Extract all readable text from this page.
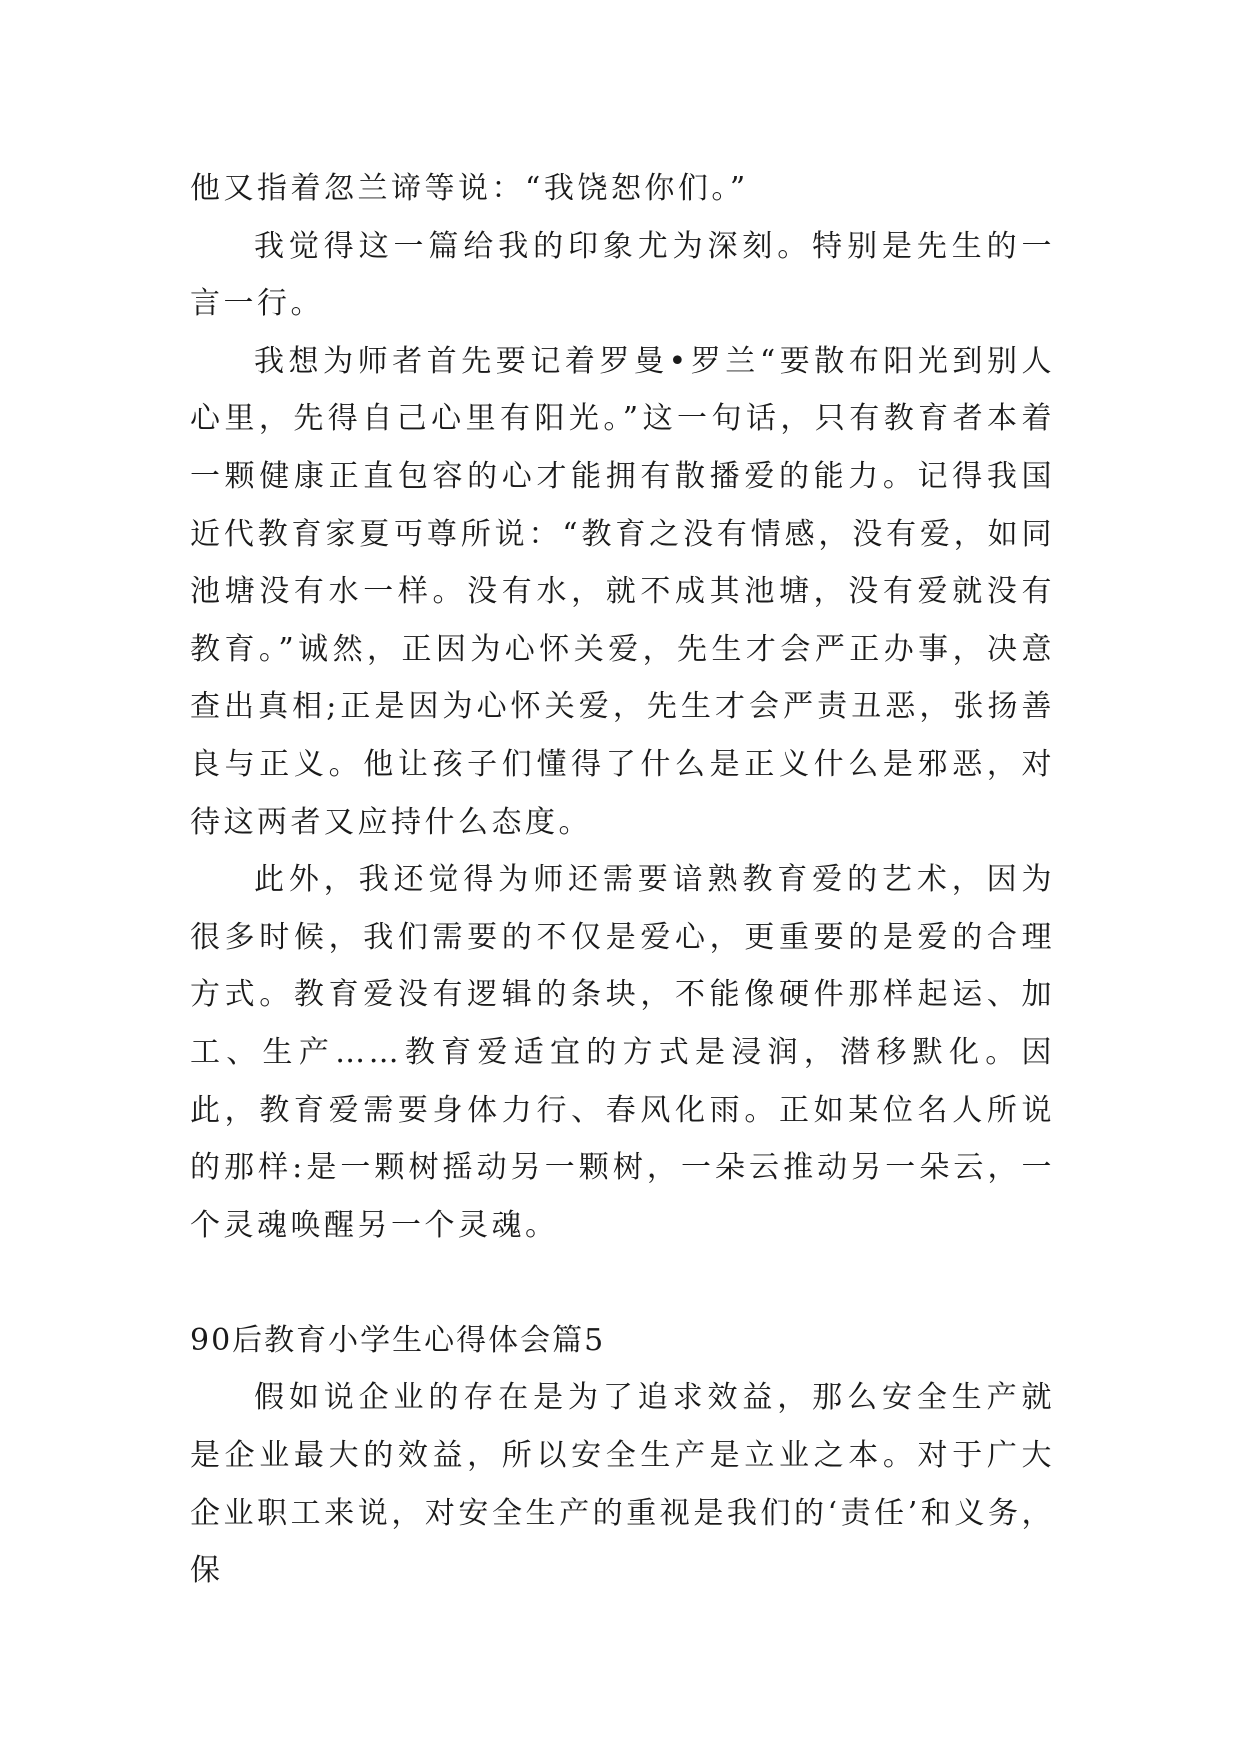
他又指着忽兰谛等说：“我饶恕你们。”

我觉得这一篇给我的印象尤为深刻。特别是先生的一言一行。

我想为师者首先要记着罗曼•罗兰“要散布阳光到别人心里，先得自己心里有阳光。”这一句话，只有教育者本着一颗健康正直包容的心才能拥有散播爱的能力。记得我国近代教育家夏丏尊所说：“教育之没有情感，没有爱，如同池塘没有水一样。没有水，就不成其池塘，没有爱就没有教育。”诚然，正因为心怀关爱，先生才会严正办事，决意查出真相;正是因为心怀关爱，先生才会严责丑恶，张扬善良与正义。他让孩子们懂得了什么是正义什么是邪恶，对待这两者又应持什么态度。

此外，我还觉得为师还需要谙熟教育爱的艺术，因为很多时候，我们需要的不仅是爱心，更重要的是爱的合理方式。教育爱没有逻辑的条块，不能像硬件那样起运、加工、生产……教育爱适宜的方式是浸润，潜移默化。因此，教育爱需要身体力行、春风化雨。正如某位名人所说的那样:是一颗树摇动另一颗树，一朵云推动另一朵云，一个灵魂唤醒另一个灵魂。

90后教育小学生心得体会篇5

假如说企业的存在是为了追求效益，那么安全生产就是企业最大的效益，所以安全生产是立业之本。对于广大企业职工来说，对安全生产的重视是我们的‘责任’和义务，保
